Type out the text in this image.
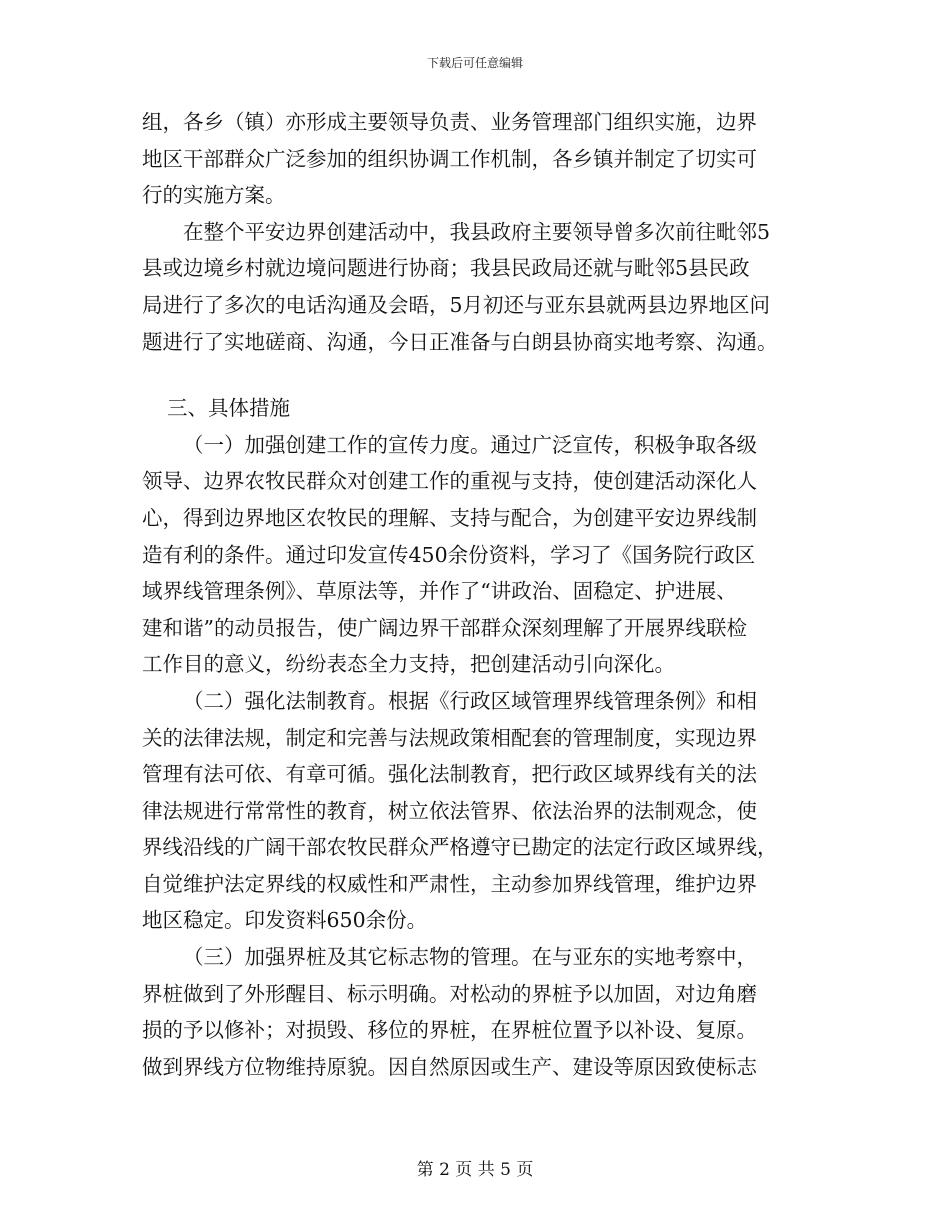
下载后可任意编辑

组，各乡（镇）亦形成主要领导负责、业务管理部门组织实施，边界

地区干部群众广泛参加的组织协调工作机制，各乡镇并制定了切实可

行的实施方案。

在整个平安边界创建活动中，我县政府主要领导曾多次前往毗邻5

县或边境乡村就边境问题进行协商；我县民政局还就与毗邻5县民政

局进行了多次的电话沟通及会晤，5月初还与亚东县就两县边界地区问

题进行了实地磋商、沟通，今日正准备与白朗县协商实地考察、沟通。

三、具体措施

（一）加强创建工作的宣传力度。通过广泛宣传，积极争取各级

领导、边界农牧民群众对创建工作的重视与支持，使创建活动深化人

心，得到边界地区农牧民的理解、支持与配合，为创建平安边界线制

造有利的条件。通过印发宣传450余份资料，学习了《国务院行政区

域界线管理条例》、草原法等，并作了“讲政治、固稳定、护进展、

建和谐”的动员报告，使广阔边界干部群众深刻理解了开展界线联检

工作目的意义，纷纷表态全力支持，把创建活动引向深化。

（二）强化法制教育。根据《行政区域管理界线管理条例》和相

关的法律法规，制定和完善与法规政策相配套的管理制度，实现边界

管理有法可依、有章可循。强化法制教育，把行政区域界线有关的法

律法规进行常常性的教育，树立依法管界、依法治界的法制观念，使

界线沿线的广阔干部农牧民群众严格遵守已勘定的法定行政区域界线，

自觉维护法定界线的权威性和严肃性，主动参加界线管理，维护边界

地区稳定。印发资料650余份。

（三）加强界桩及其它标志物的管理。在与亚东的实地考察中，

界桩做到了外形醒目、标示明确。对松动的界桩予以加固，对边角磨

损的予以修补；对损毁、移位的界桩，在界桩位置予以补设、复原。

做到界线方位物维持原貌。因自然原因或生产、建设等原因致使标志

第 2 页 共 5 页
